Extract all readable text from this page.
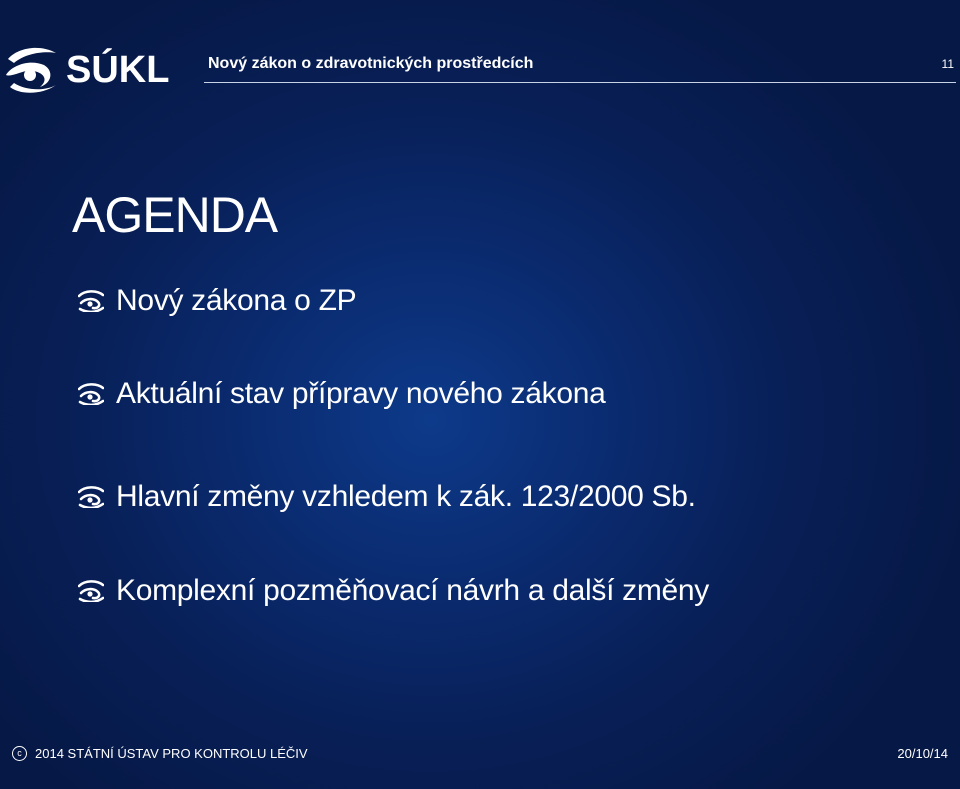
SÚKL Nový zákon o zdravotnických prostředcích	11
AGENDA
Nový zákona o ZP
Aktuální stav přípravy nového zákona
Hlavní změny vzhledem k zák. 123/2000 Sb.
Komplexní pozměňovací návrh a další změny
c	2014 STÁTNÍ ÚSTAV PRO KONTROLU LÉČIV	20/10/14
